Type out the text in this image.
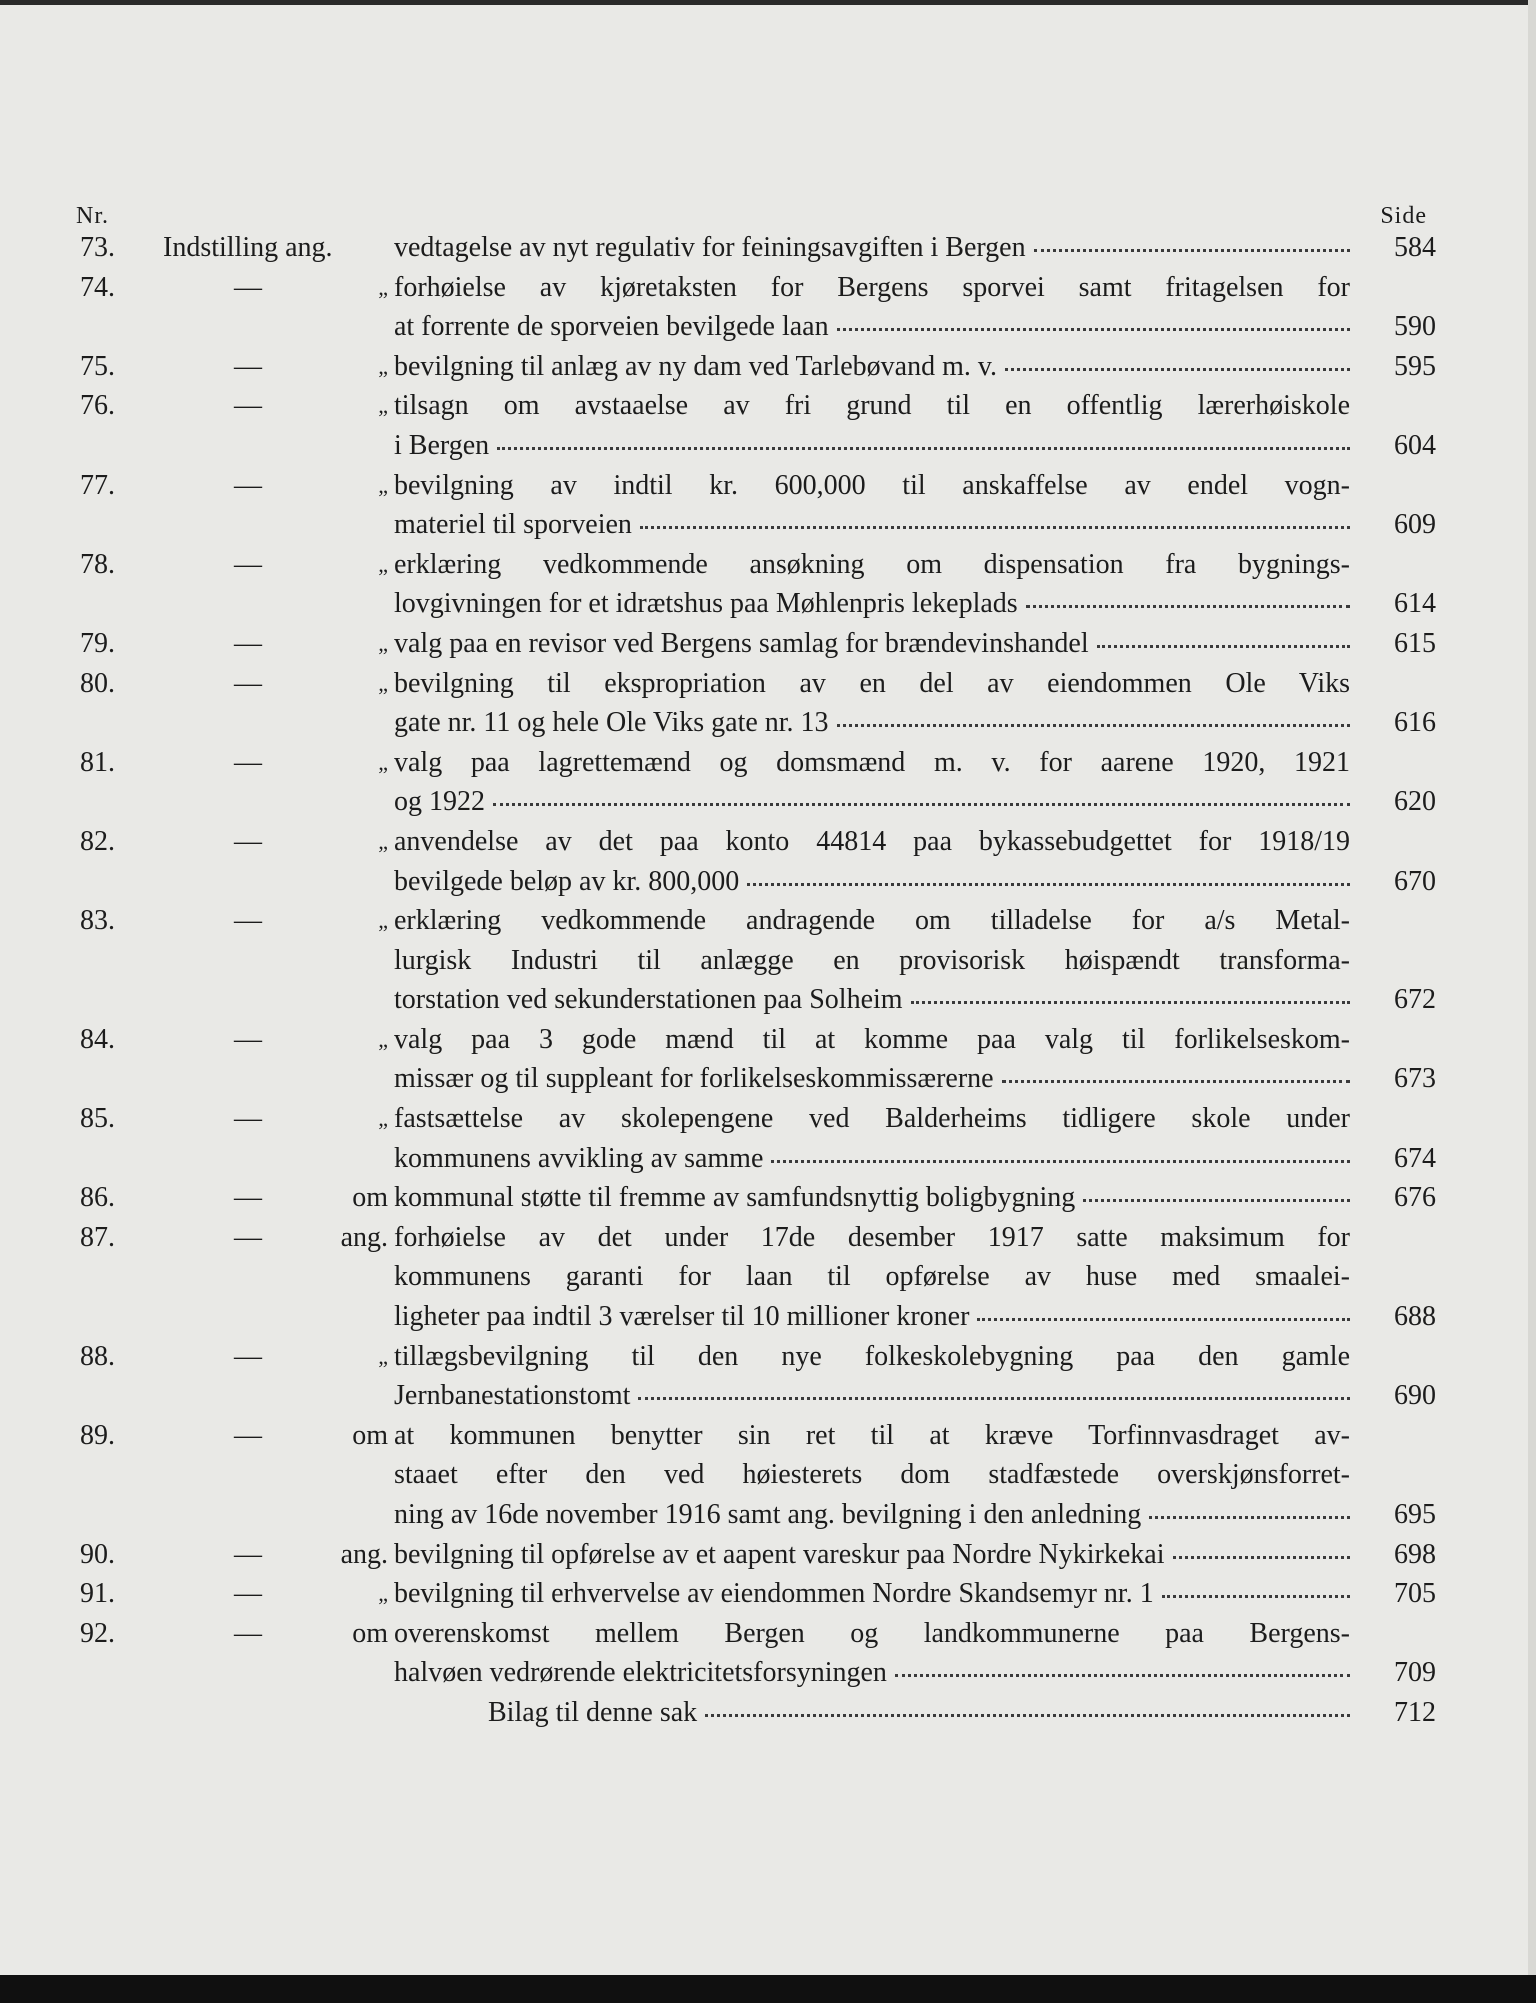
Nr.	Side
73.	Indstilling ang. vedtagelse av nyt regulativ for feiningsavgiften i Bergen	584
74.	—	„ forhøielse av kjøretaksten for Bergens sporvei samt fritagelsen for
at forrente de sporveien bevilgede laan	590
75.	—	„ bevilgning til anlæg av ny dam ved Tarlebøvand m. v.	595
76.	—	„ tilsagn om avstaaelse av fri grund til en offentlig lærerhøiskole
i Bergen	604
77.	—	„ bevilgning av indtil kr. 600,000 til anskaffelse av endel vogn-
materiel til sporveien	609
78.	—	„ erklæring vedkommende ansøkning om dispensation fra bygnings-
lovgivningen for et idrætshus paa Møhlenpris lekeplads	614
79.	—	„ valg paa en revisor ved Bergens samlag for brændevinshandel	615
80.	—	„ bevilgning til ekspropriation av en del av eiendommen Ole Viks
gate nr. 11 og hele Ole Viks gate nr. 13	616
81.	—	„ valg paa lagrettemænd og domsmænd m. v. for aarene 1920, 1921
og 1922	620
82.	—	„ anvendelse av det paa konto 44814 paa bykassebudgettet for 1918/19
bevilgede beløp av kr. 800,000	670
83.	—	„ erklæring vedkommende andragende om tilladelse for a/s Metal-
lurgisk Industri til anlægge en provisorisk høispændt transforma-
torstation ved sekunderstationen paa Solheim	672
84.	—	„ valg paa 3 gode mænd til at komme paa valg til forlikelseskom-
missær og til suppleant for forlikelseskommissærerne	673
85.	—	„ fastsættelse av skolepengene ved Balderheims tidligere skole under
kommunens avvikling av samme	674
86.	—	om kommunal støtte til fremme av samfundsnyttig boligbygning	676
87.	—	ang. forhøielse av det under 17de desember 1917 satte maksimum for
kommunens garanti for laan til opførelse av huse med smaalei-
ligheter paa indtil 3 værelser til 10 millioner kroner	688
88.	—	„ tillægsbevilgning til den nye folkeskolebygning paa den gamle
Jernbanestationstomt	690
89.	—	om at kommunen benytter sin ret til at kræve Torfinnvasdraget av-
staaet efter den ved høiesterets dom stadfæstede overskjønsforret-
ning av 16de november 1916 samt ang. bevilgning i den anledning	695
90.	—	ang. bevilgning til opførelse av et aapent vareskur paa Nordre Nykirkekai	698
91.	—	„ bevilgning til erhvervelse av eiendommen Nordre Skandsemyr nr. 1	705
92.	—	om overenskomst mellem Bergen og landkommunerne paa Bergens-
halvøen vedrørende elektricitetsforsyningen	709
Bilag til denne sak	712
